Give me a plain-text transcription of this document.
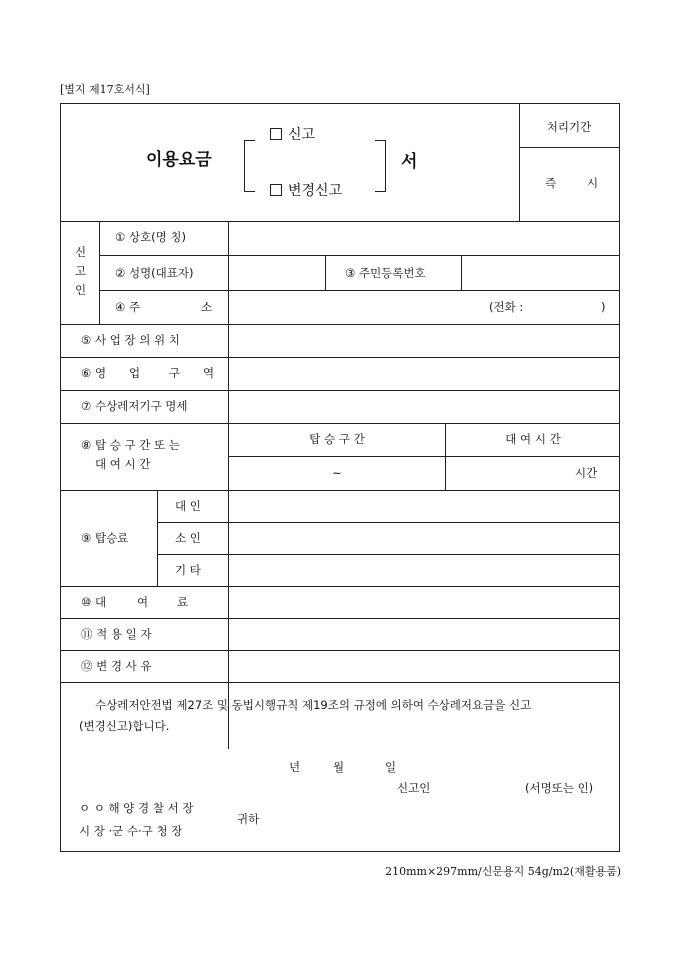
[별지 제17호서식]
이용요금
신고
변경신고
서
처리기간
즉	시
신
고
인
① 상호(명 칭)
② 성명(대표자)	③ 주민등록번호
④ 주	소	(전화 :	)
⑤ 사 업 장 의 위 치
⑥ 영 업	구 역
⑦ 수상레저기구 명세
⑧ 탑 승 구 간 또 는
대 여 시 간
탑 승 구 간	대 여 시 간
~	시간
⑨ 탑승료
대 인
소 인
기 타
⑩ 대	여	료
⑪ 적 용 일 자
⑫ 변 경 사 유
수상레저안전법 제27조 및 동법시행규칙 제19조의 규정에 의하여 수상레저요금을 신고
(변경신고)합니다.
년	월	일
신고인	(서명또는 인)
ㅇ ㅇ 해 양 경 찰 서 장
시 장 ·군 수·구 청 장
귀하
210mm×297mm/신문용지 54g/m2(재활용품)
